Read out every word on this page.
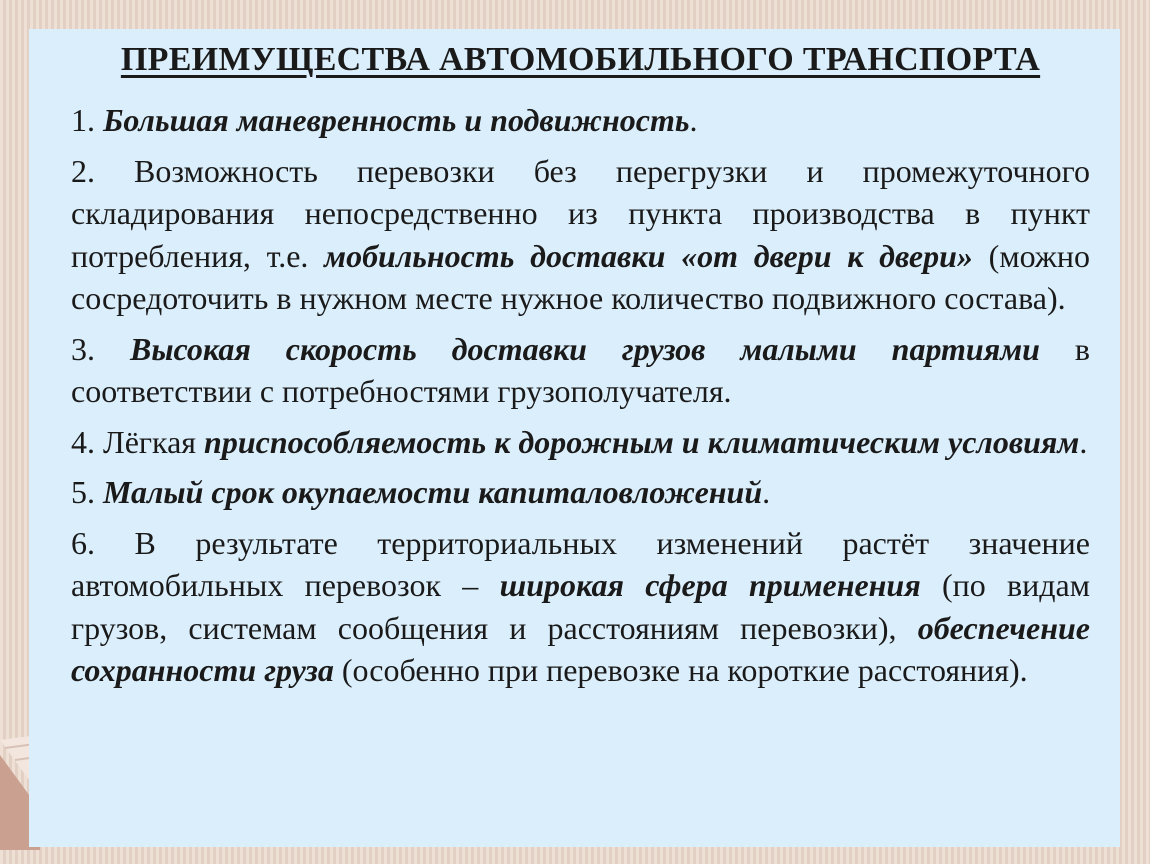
ПРЕИМУЩЕСТВА АВТОМОБИЛЬНОГО ТРАНСПОРТА
1. Большая маневренность и подвижность.
2. Возможность перевозки без перегрузки и промежуточного складирования непосредственно из пункта производства в пункт потребления, т.е. мобильность доставки «от двери к двери» (можно сосредоточить в нужном месте нужное количество подвижного состава).
3. Высокая скорость доставки грузов малыми партиями в соответствии с потребностями грузополучателя.
4. Лёгкая приспособляемость к дорожным и климатическим условиям.
5. Малый срок окупаемости капиталовложений.
6. В результате территориальных изменений растёт значение автомобильных перевозок – широкая сфера применения (по видам грузов, системам сообщения и расстояниям перевозки), обеспечение сохранности груза (особенно при перевозке на короткие расстояния).
